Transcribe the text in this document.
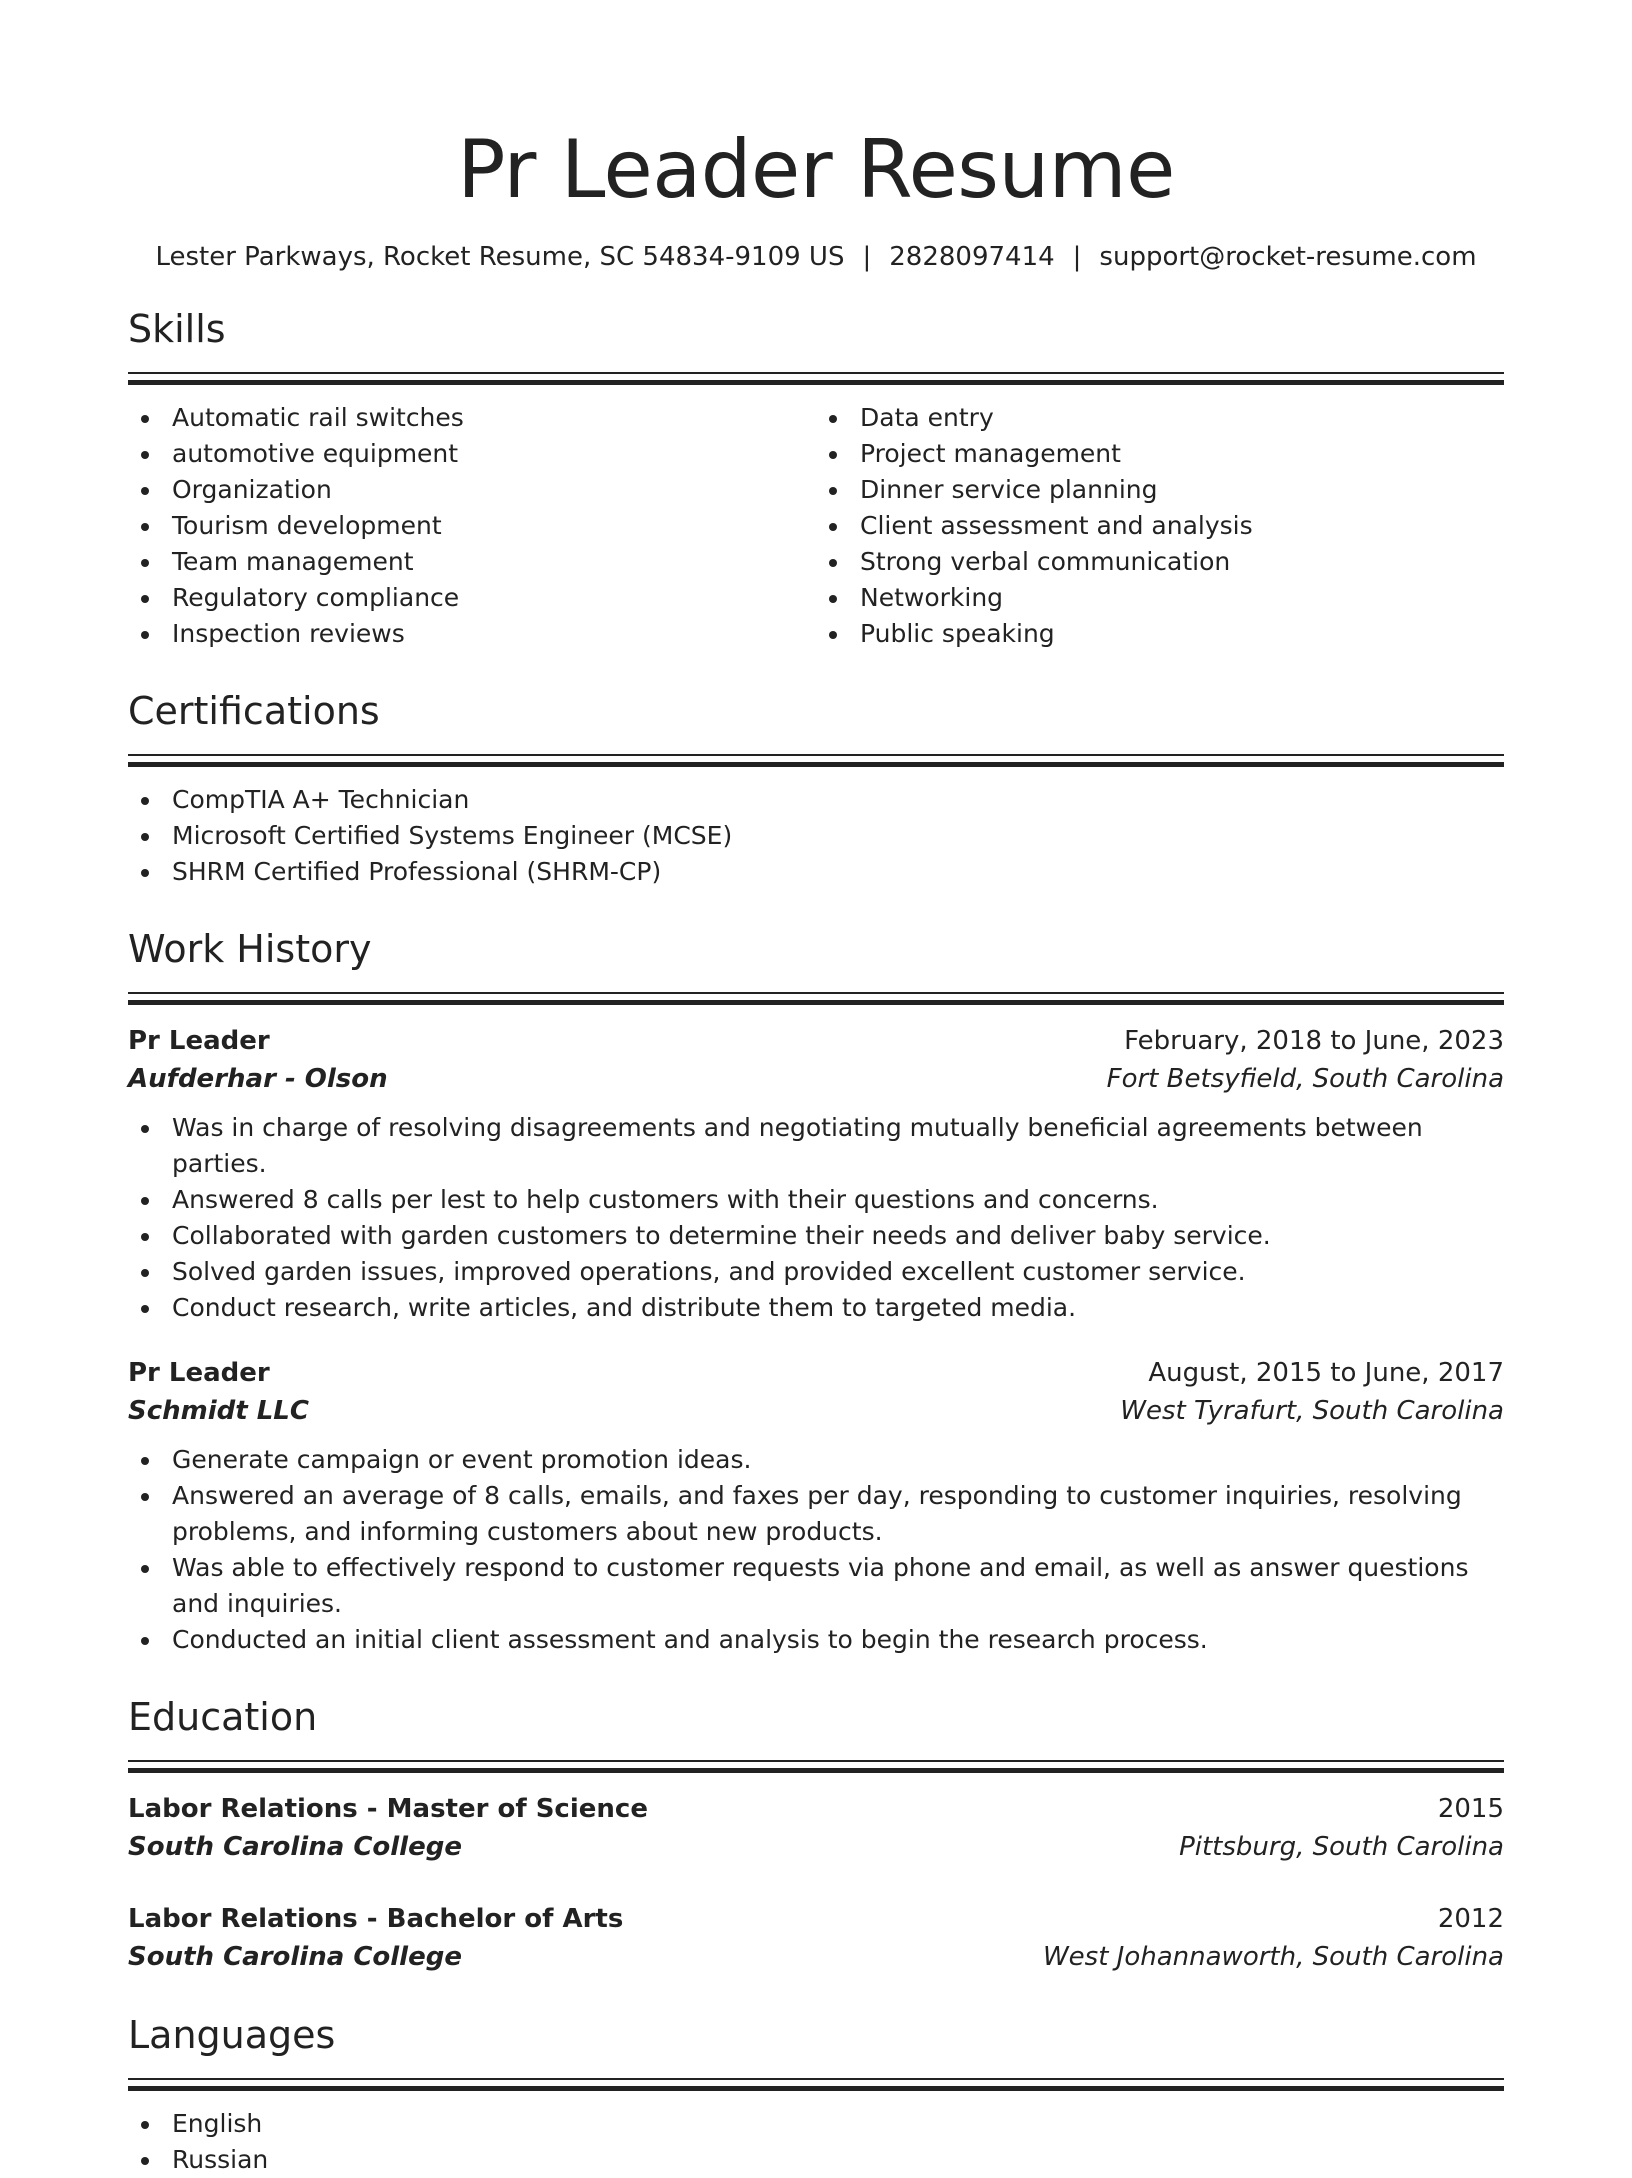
Pr Leader Resume
Lester Parkways, Rocket Resume, SC 54834-9109 US | 2828097414 | support@rocket-resume.com
Skills
Automatic rail switches
automotive equipment
Organization
Tourism development
Team management
Regulatory compliance
Inspection reviews
Data entry
Project management
Dinner service planning
Client assessment and analysis
Strong verbal communication
Networking
Public speaking
Certifications
CompTIA A+ Technician
Microsoft Certified Systems Engineer (MCSE)
SHRM Certified Professional (SHRM-CP)
Work History
Pr Leader	February, 2018 to June, 2023
Aufderhar - Olson	Fort Betsyfield, South Carolina
Was in charge of resolving disagreements and negotiating mutually beneficial agreements between parties.
Answered 8 calls per lest to help customers with their questions and concerns.
Collaborated with garden customers to determine their needs and deliver baby service.
Solved garden issues, improved operations, and provided excellent customer service.
Conduct research, write articles, and distribute them to targeted media.
Pr Leader	August, 2015 to June, 2017
Schmidt LLC	West Tyrafurt, South Carolina
Generate campaign or event promotion ideas.
Answered an average of 8 calls, emails, and faxes per day, responding to customer inquiries, resolving problems, and informing customers about new products.
Was able to effectively respond to customer requests via phone and email, as well as answer questions and inquiries.
Conducted an initial client assessment and analysis to begin the research process.
Education
Labor Relations - Master of Science	2015
South Carolina College	Pittsburg, South Carolina
Labor Relations - Bachelor of Arts	2012
South Carolina College	West Johannaworth, South Carolina
Languages
English
Russian
